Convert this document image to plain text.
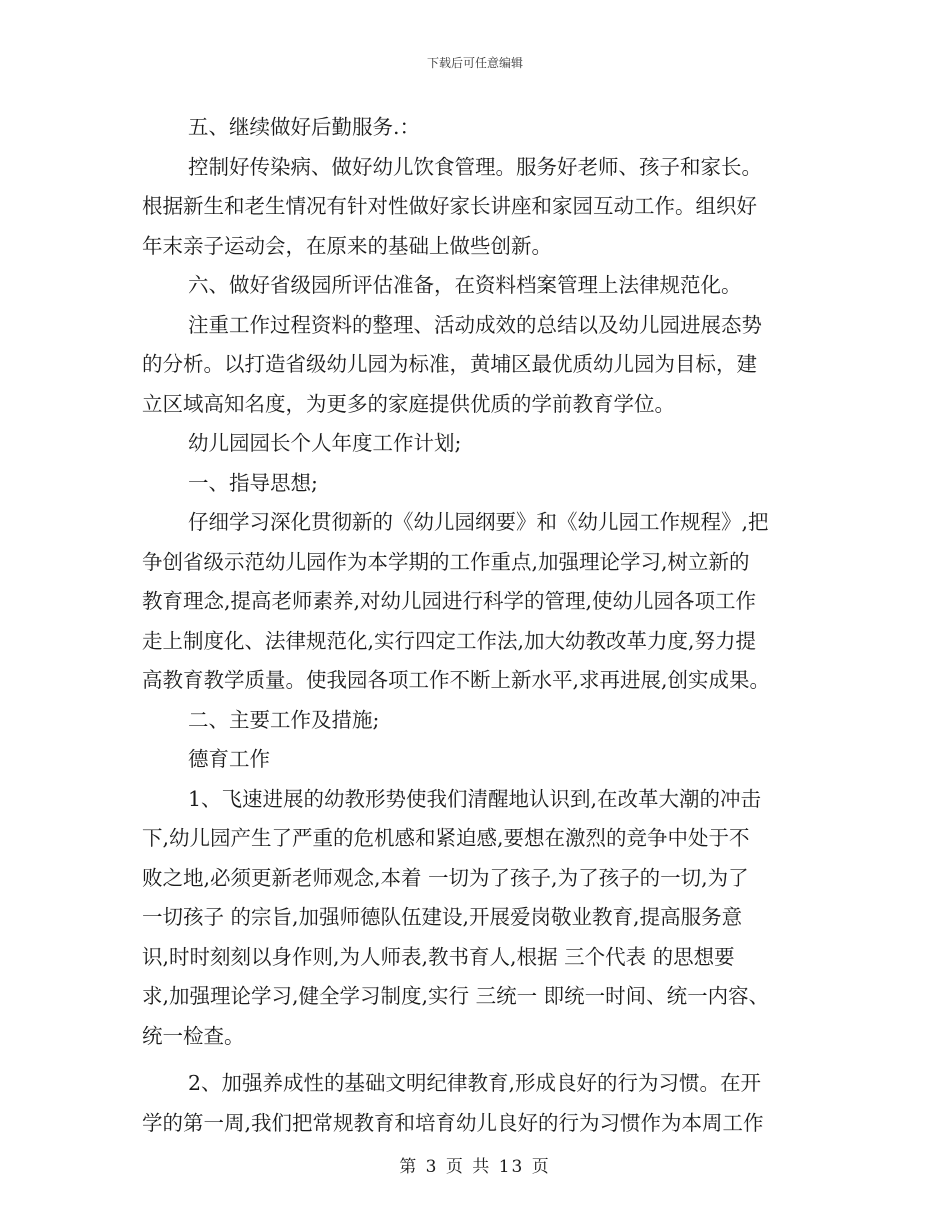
下载后可任意编辑
五、继续做好后勤服务.：
控制好传染病、做好幼儿饮食管理。服务好老师、孩子和家长。
根据新生和老生情况有针对性做好家长讲座和家园互动工作。组织好
年末亲子运动会，在原来的基础上做些创新。
六、做好省级园所评估准备，在资料档案管理上法律规范化。
注重工作过程资料的整理、活动成效的总结以及幼儿园进展态势
的分析。以打造省级幼儿园为标准，黄埔区最优质幼儿园为目标，建
立区域高知名度，为更多的家庭提供优质的学前教育学位。
幼儿园园长个人年度工作计划;
一、指导思想;
仔细学习深化贯彻新的《幼儿园纲要》和《幼儿园工作规程》,把
争创省级示范幼儿园作为本学期的工作重点,加强理论学习,树立新的
教育理念,提高老师素养,对幼儿园进行科学的管理,使幼儿园各项工作
走上制度化、法律规范化,实行四定工作法,加大幼教改革力度,努力提
高教育教学质量。使我园各项工作不断上新水平,求再进展,创实成果。
二、主要工作及措施;
德育工作
1、飞速进展的幼教形势使我们清醒地认识到,在改革大潮的冲击
下,幼儿园产生了严重的危机感和紧迫感,要想在激烈的竞争中处于不
败之地,必须更新老师观念,本着 一切为了孩子,为了孩子的一切,为了
一切孩子 的宗旨,加强师德队伍建设,开展爱岗敬业教育,提高服务意
识,时时刻刻以身作则,为人师表,教书育人,根据 三个代表 的思想要
求,加强理论学习,健全学习制度,实行 三统一 即统一时间、统一内容、
统一检查。
2、加强养成性的基础文明纪律教育,形成良好的行为习惯。在开
学的第一周,我们把常规教育和培育幼儿良好的行为习惯作为本周工作
第 3 页 共 13 页
